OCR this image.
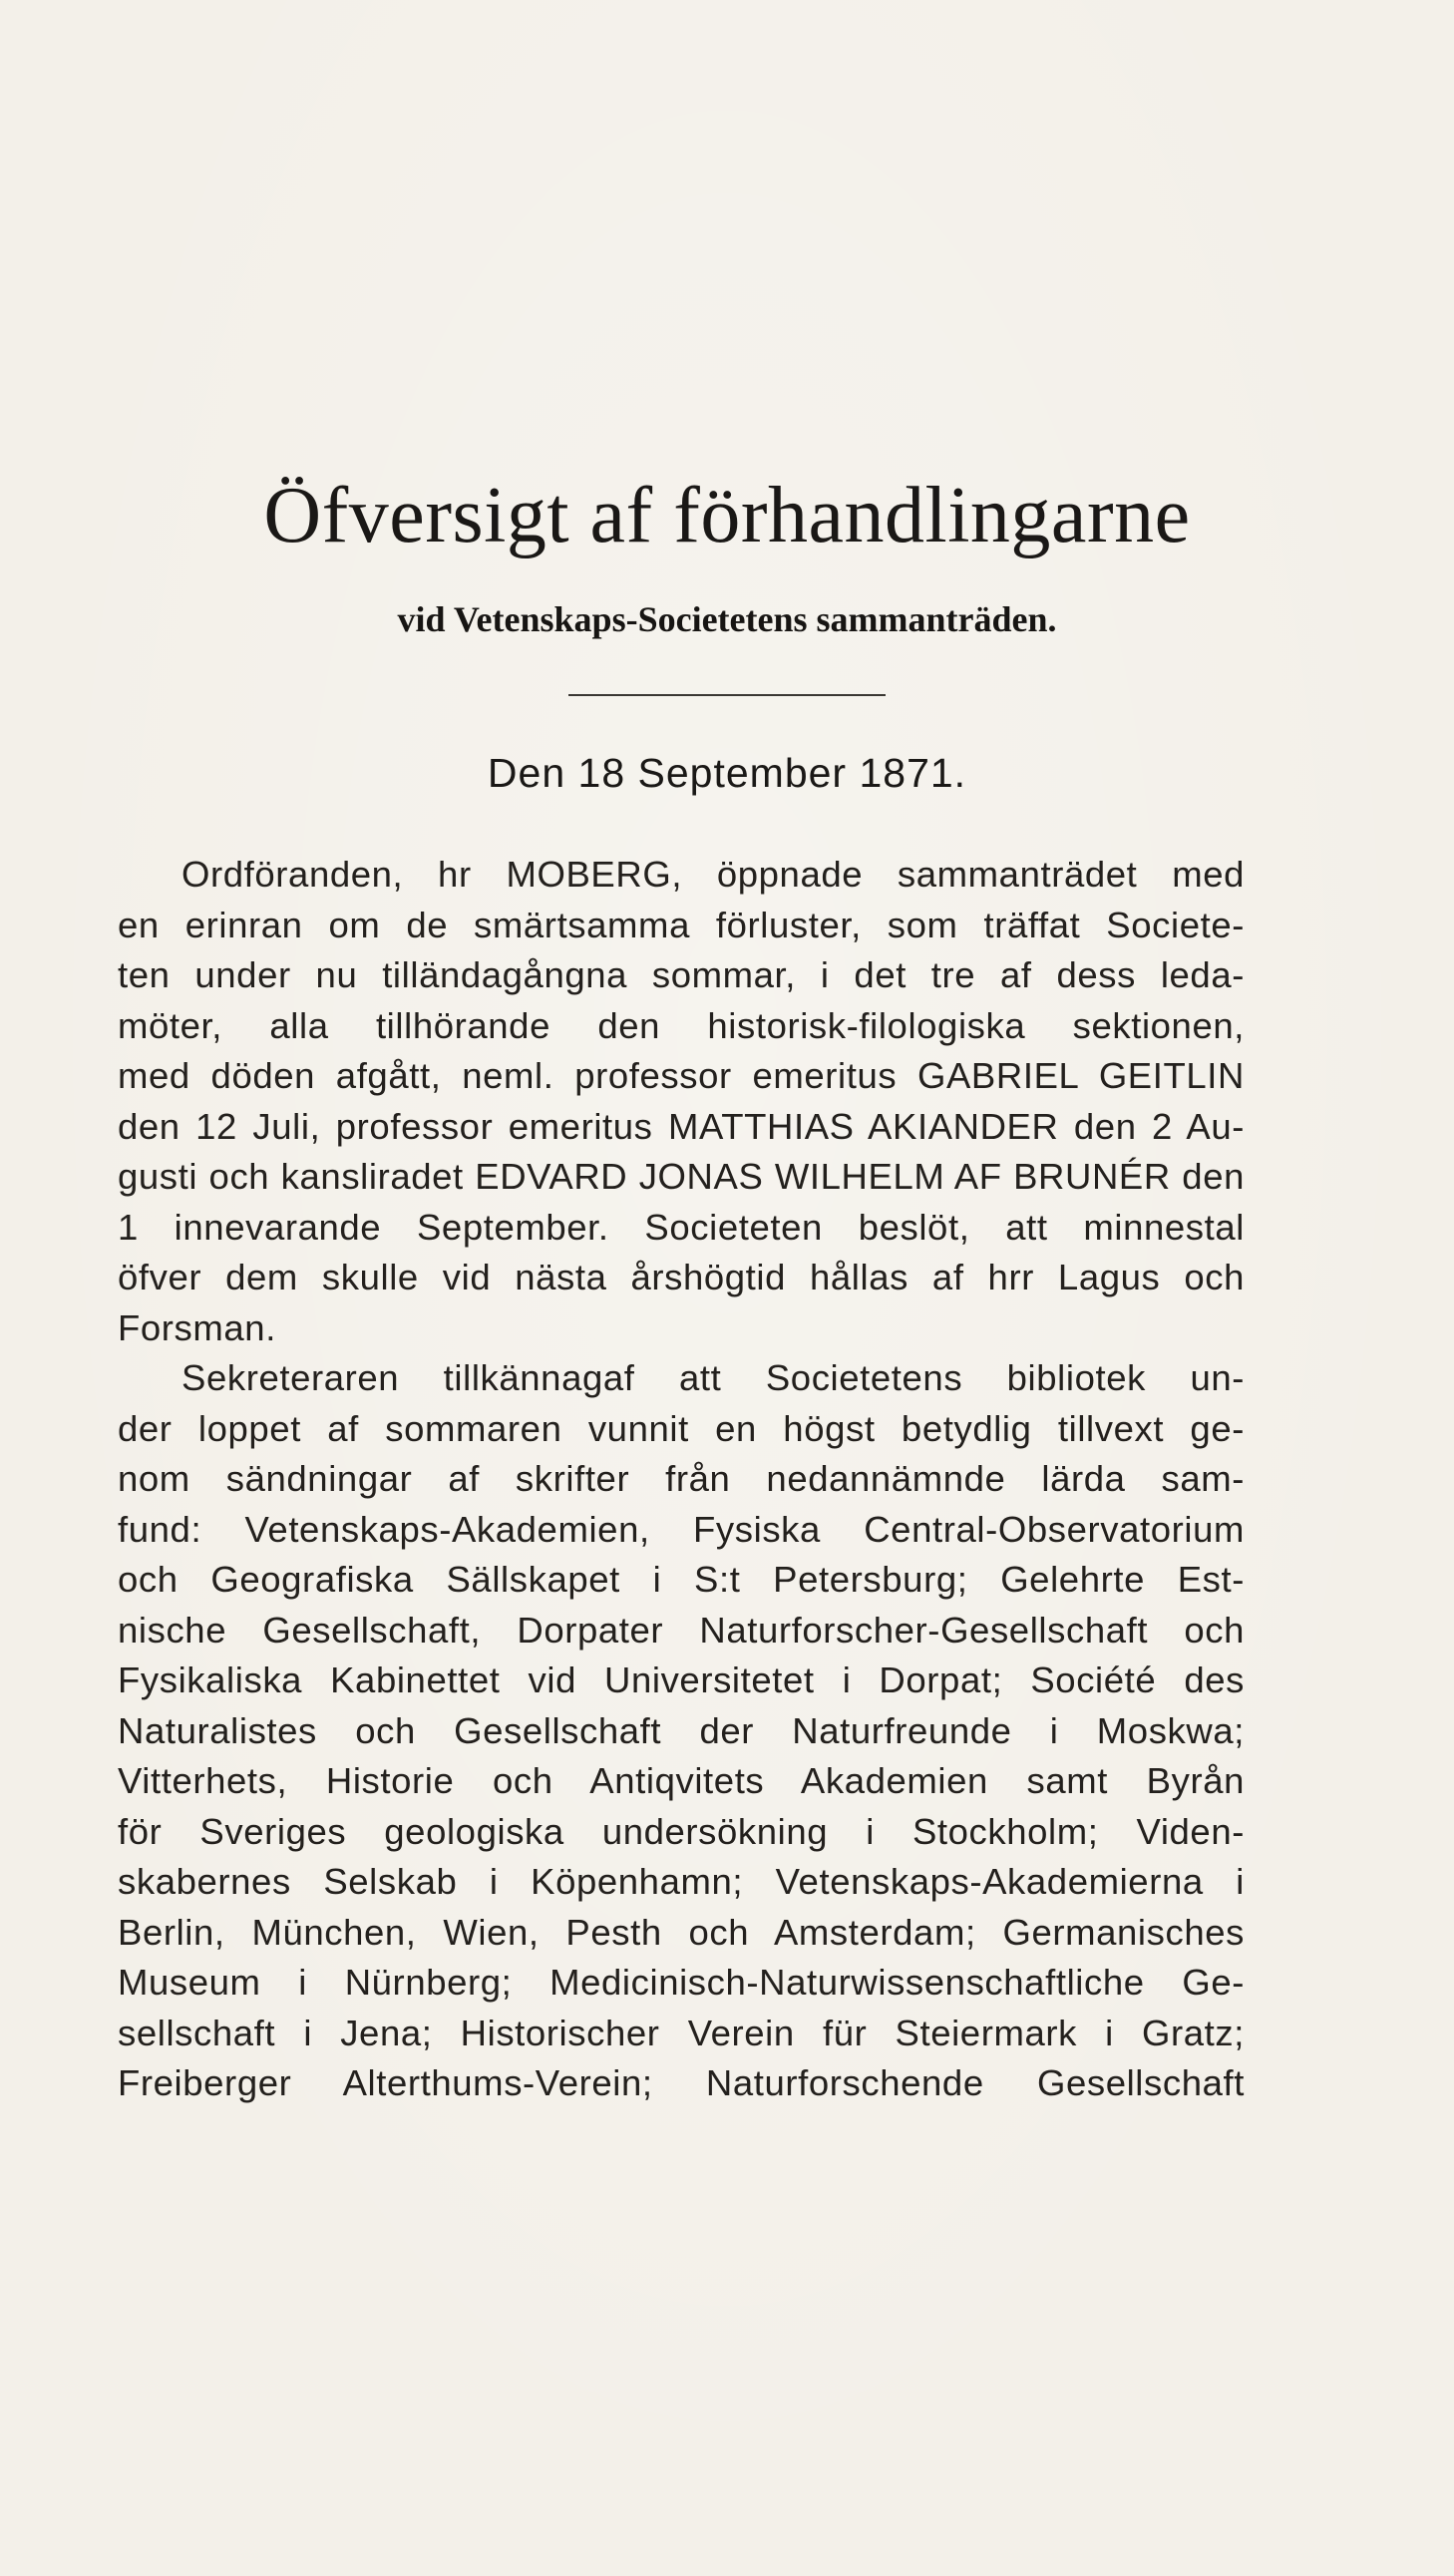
Öfversigt af förhandlingarne
vid Vetenskaps-Societetens sammanträden.
Den 18 September 1871.
Ordföranden, hr MOBERG, öppnade sammanträdet med
en erinran om de smärtsamma förluster, som träffat Societe-
ten under nu tilländagångna sommar, i det tre af dess leda-
möter, alla tillhörande den historisk-filologiska sektionen,
med döden afgått, neml. professor emeritus GABRIEL GEITLIN
den 12 Juli, professor emeritus MATTHIAS AKIANDER den 2 Au-
gusti och kansliradet EDVARD JONAS WILHELM AF BRUNÉR den
1 innevarande September. Societeten beslöt, att minnestal
öfver dem skulle vid nästa årshögtid hållas af hrr Lagus och
Forsman.
Sekreteraren tillkännagaf att Societetens bibliotek un-
der loppet af sommaren vunnit en högst betydlig tillvext ge-
nom sändningar af skrifter från nedannämnde lärda sam-
fund: Vetenskaps-Akademien, Fysiska Central-Observatorium
och Geografiska Sällskapet i S:t Petersburg; Gelehrte Est-
nische Gesellschaft, Dorpater Naturforscher-Gesellschaft och
Fysikaliska Kabinettet vid Universitetet i Dorpat; Société des
Naturalistes och Gesellschaft der Naturfreunde i Moskwa;
Vitterhets, Historie och Antiqvitets Akademien samt Byrån
för Sveriges geologiska undersökning i Stockholm; Viden-
skabernes Selskab i Köpenhamn; Vetenskaps-Akademierna i
Berlin, München, Wien, Pesth och Amsterdam; Germanisches
Museum i Nürnberg; Medicinisch-Naturwissenschaftliche Ge-
sellschaft i Jena; Historischer Verein für Steiermark i Gratz;
Freiberger Alterthums-Verein; Naturforschende Gesellschaft
